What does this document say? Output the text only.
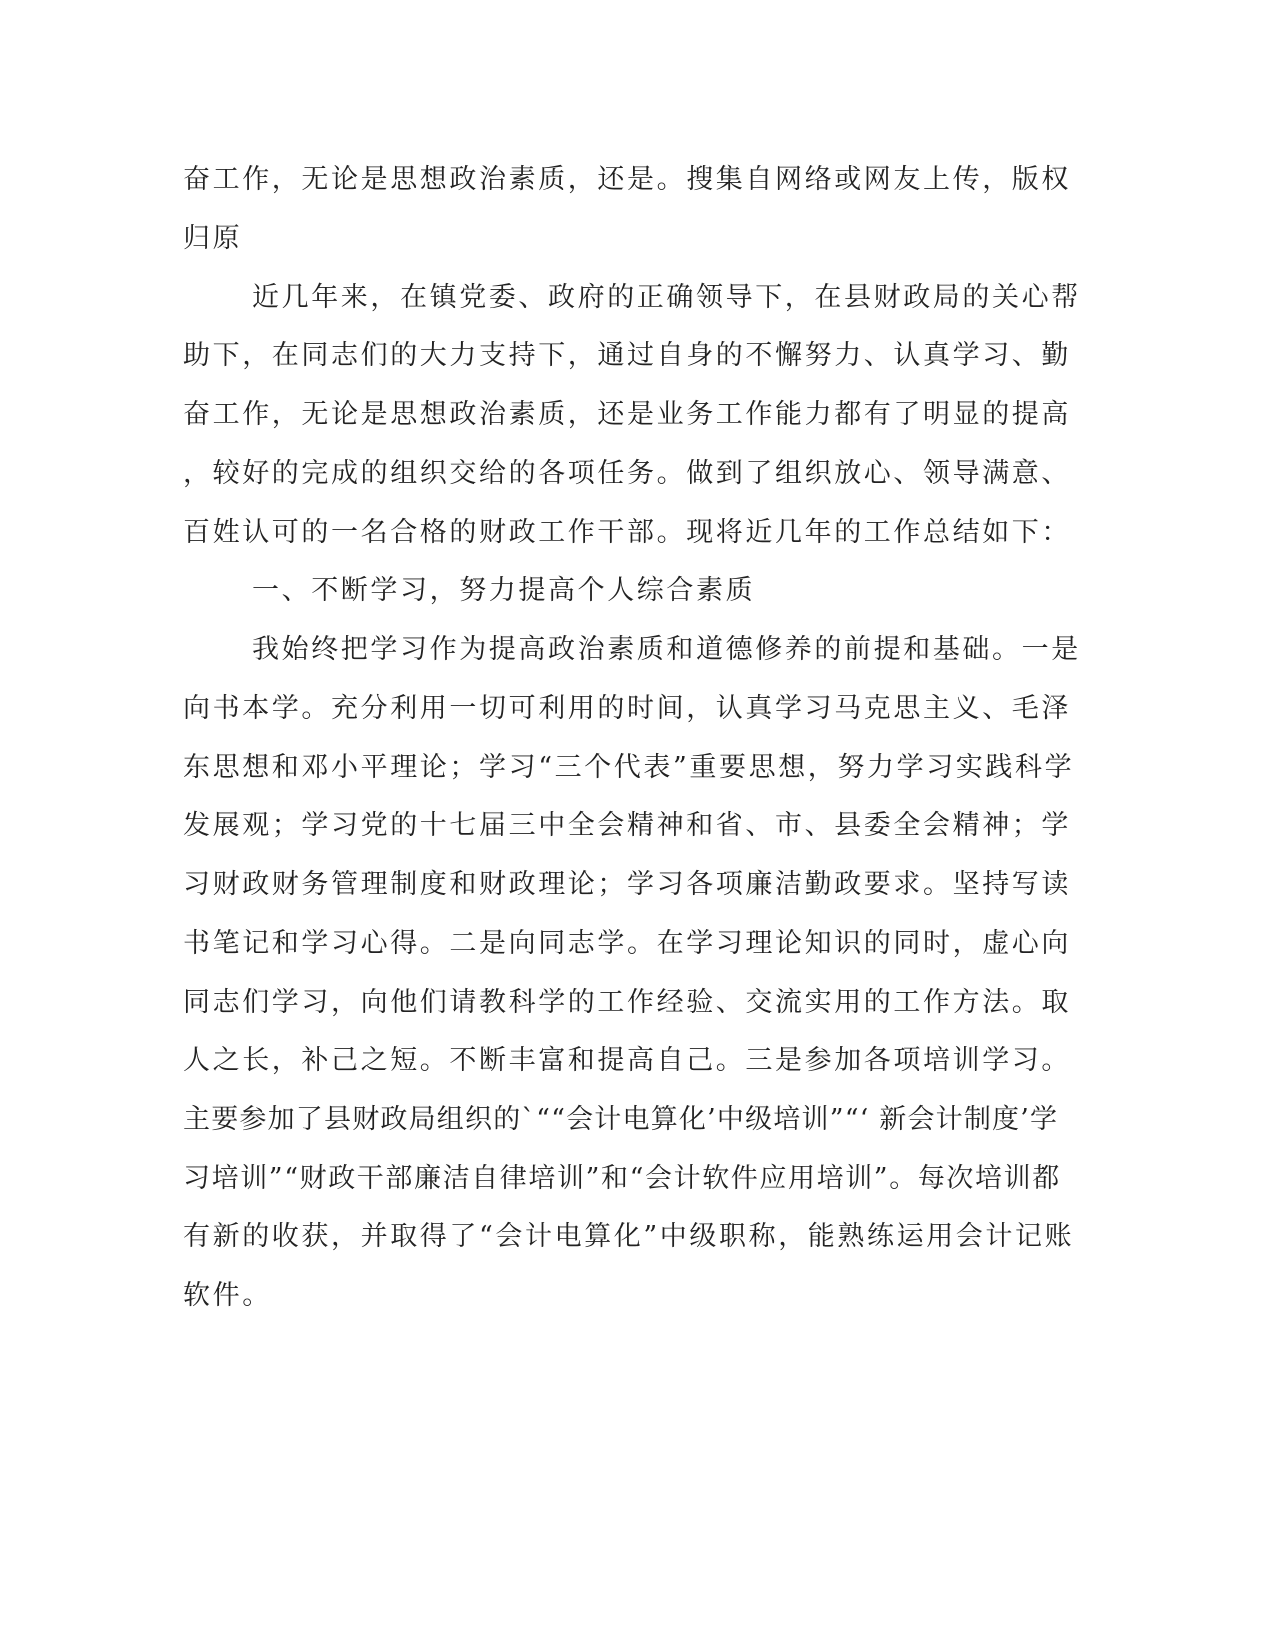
奋工作，无论是思想政治素质，还是。搜集自网络或网友上传，版权

归原

近几年来，在镇党委、政府的正确领导下，在县财政局的关心帮

助下，在同志们的大力支持下，通过自身的不懈努力、认真学习、勤

奋工作，无论是思想政治素质，还是业务工作能力都有了明显的提高

，较好的完成的组织交给的各项任务。做到了组织放心、领导满意、

百姓认可的一名合格的财政工作干部。现将近几年的工作总结如下：

一、不断学习，努力提高个人综合素质

我始终把学习作为提高政治素质和道德修养的前提和基础。一是

向书本学。充分利用一切可利用的时间，认真学习马克思主义、毛泽

东思想和邓小平理论；学习“三个代表”重要思想，努力学习实践科学

发展观；学习党的十七届三中全会精神和省、市、县委全会精神；学

习财政财务管理制度和财政理论；学习各项廉洁勤政要求。坚持写读

书笔记和学习心得。二是向同志学。在学习理论知识的同时，虚心向

同志们学习，向他们请教科学的工作经验、交流实用的工作方法。取

人之长，补己之短。不断丰富和提高自己。三是参加各项培训学习。

主要参加了县财政局组织的`““会计电算化’中级培训”“‘ 新会计制度’学

习培训”“财政干部廉洁自律培训”和“会计软件应用培训”。每次培训都

有新的收获，并取得了“会计电算化”中级职称，能熟练运用会计记账

软件。
